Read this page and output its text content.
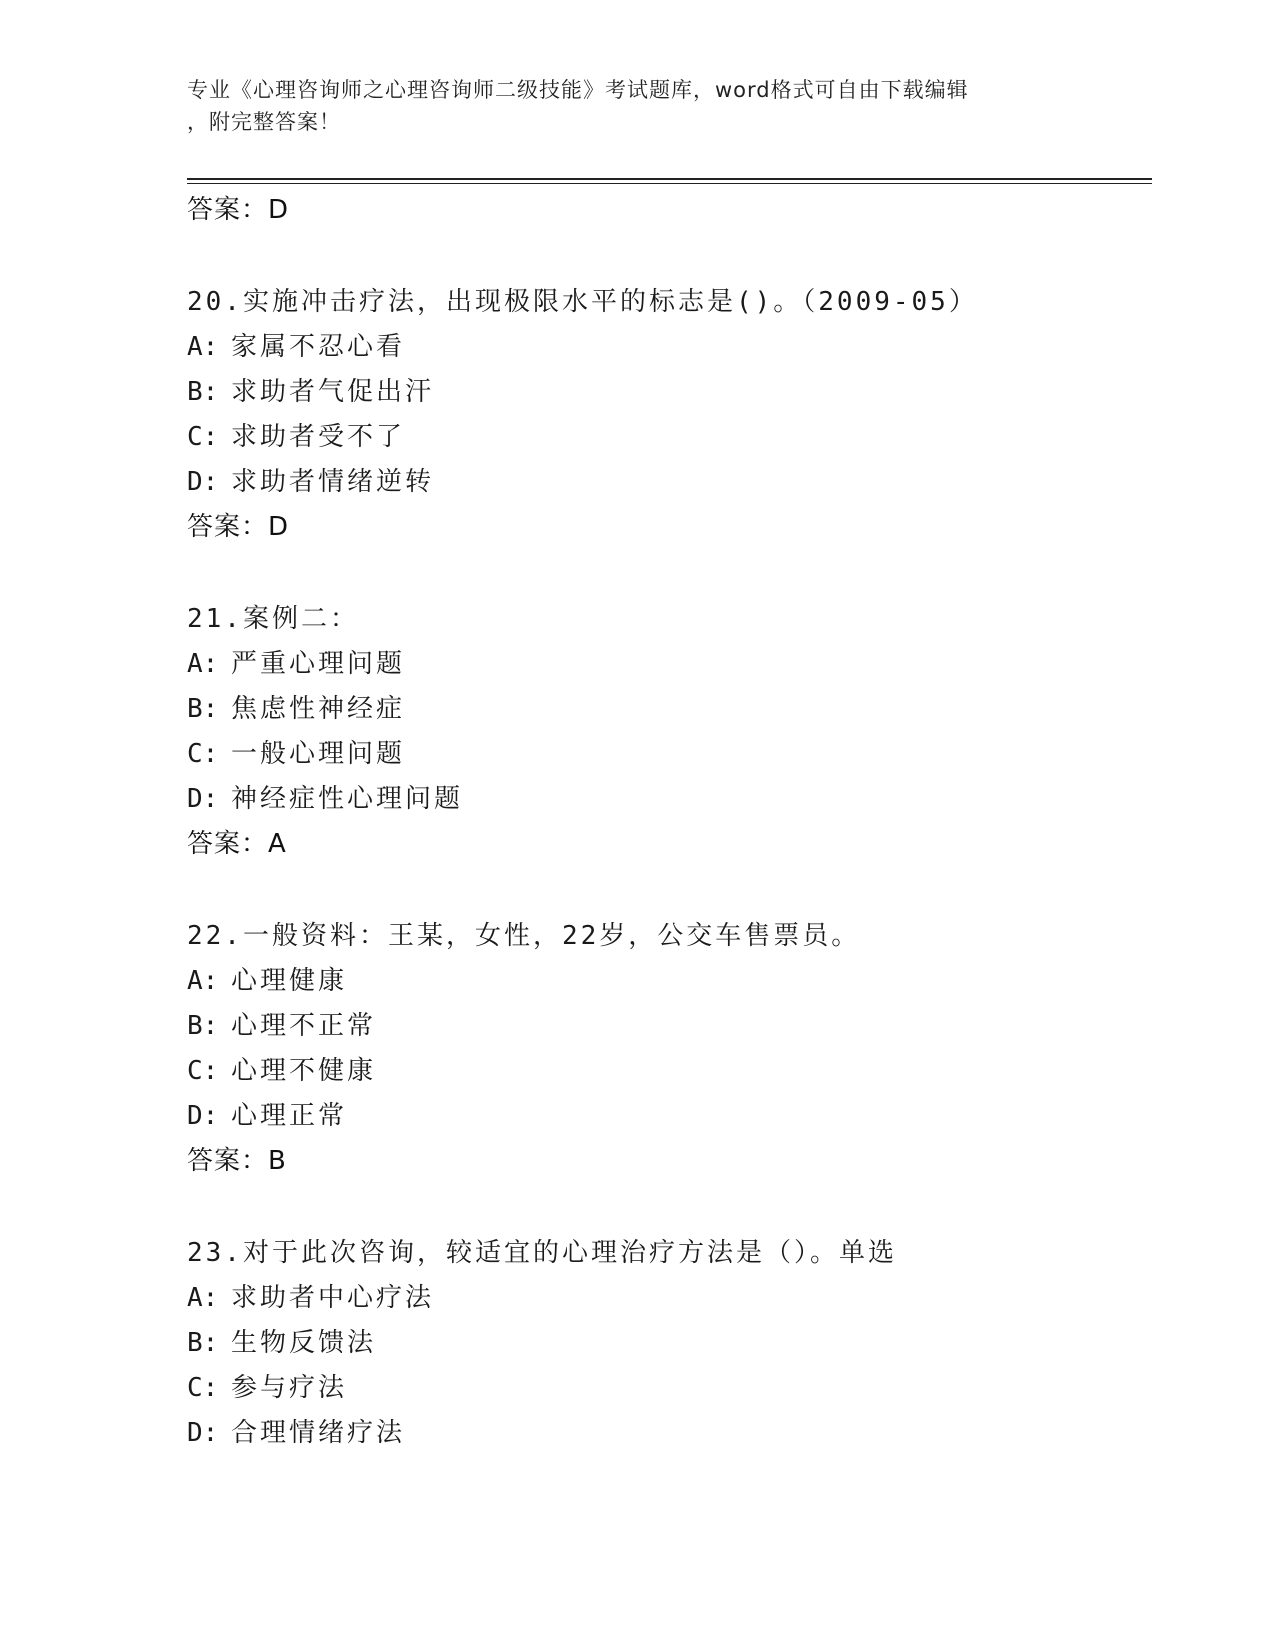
专业《心理咨询师之心理咨询师二级技能》考试题库，word格式可自由下载编辑
，附完整答案！
答案：D
20.实施冲击疗法，出现极限水平的标志是()。（2009-05）
A: 家属不忍心看
B: 求助者气促出汗
C: 求助者受不了
D: 求助者情绪逆转
答案：D
21.案例二：
A: 严重心理问题
B: 焦虑性神经症
C: 一般心理问题
D: 神经症性心理问题
答案：A
22.一般资料：王某，女性，22岁，公交车售票员。
A: 心理健康
B: 心理不正常
C: 心理不健康
D: 心理正常
答案：B
23.对于此次咨询，较适宜的心理治疗方法是（）。单选
A: 求助者中心疗法
B: 生物反馈法
C: 参与疗法
D: 合理情绪疗法
